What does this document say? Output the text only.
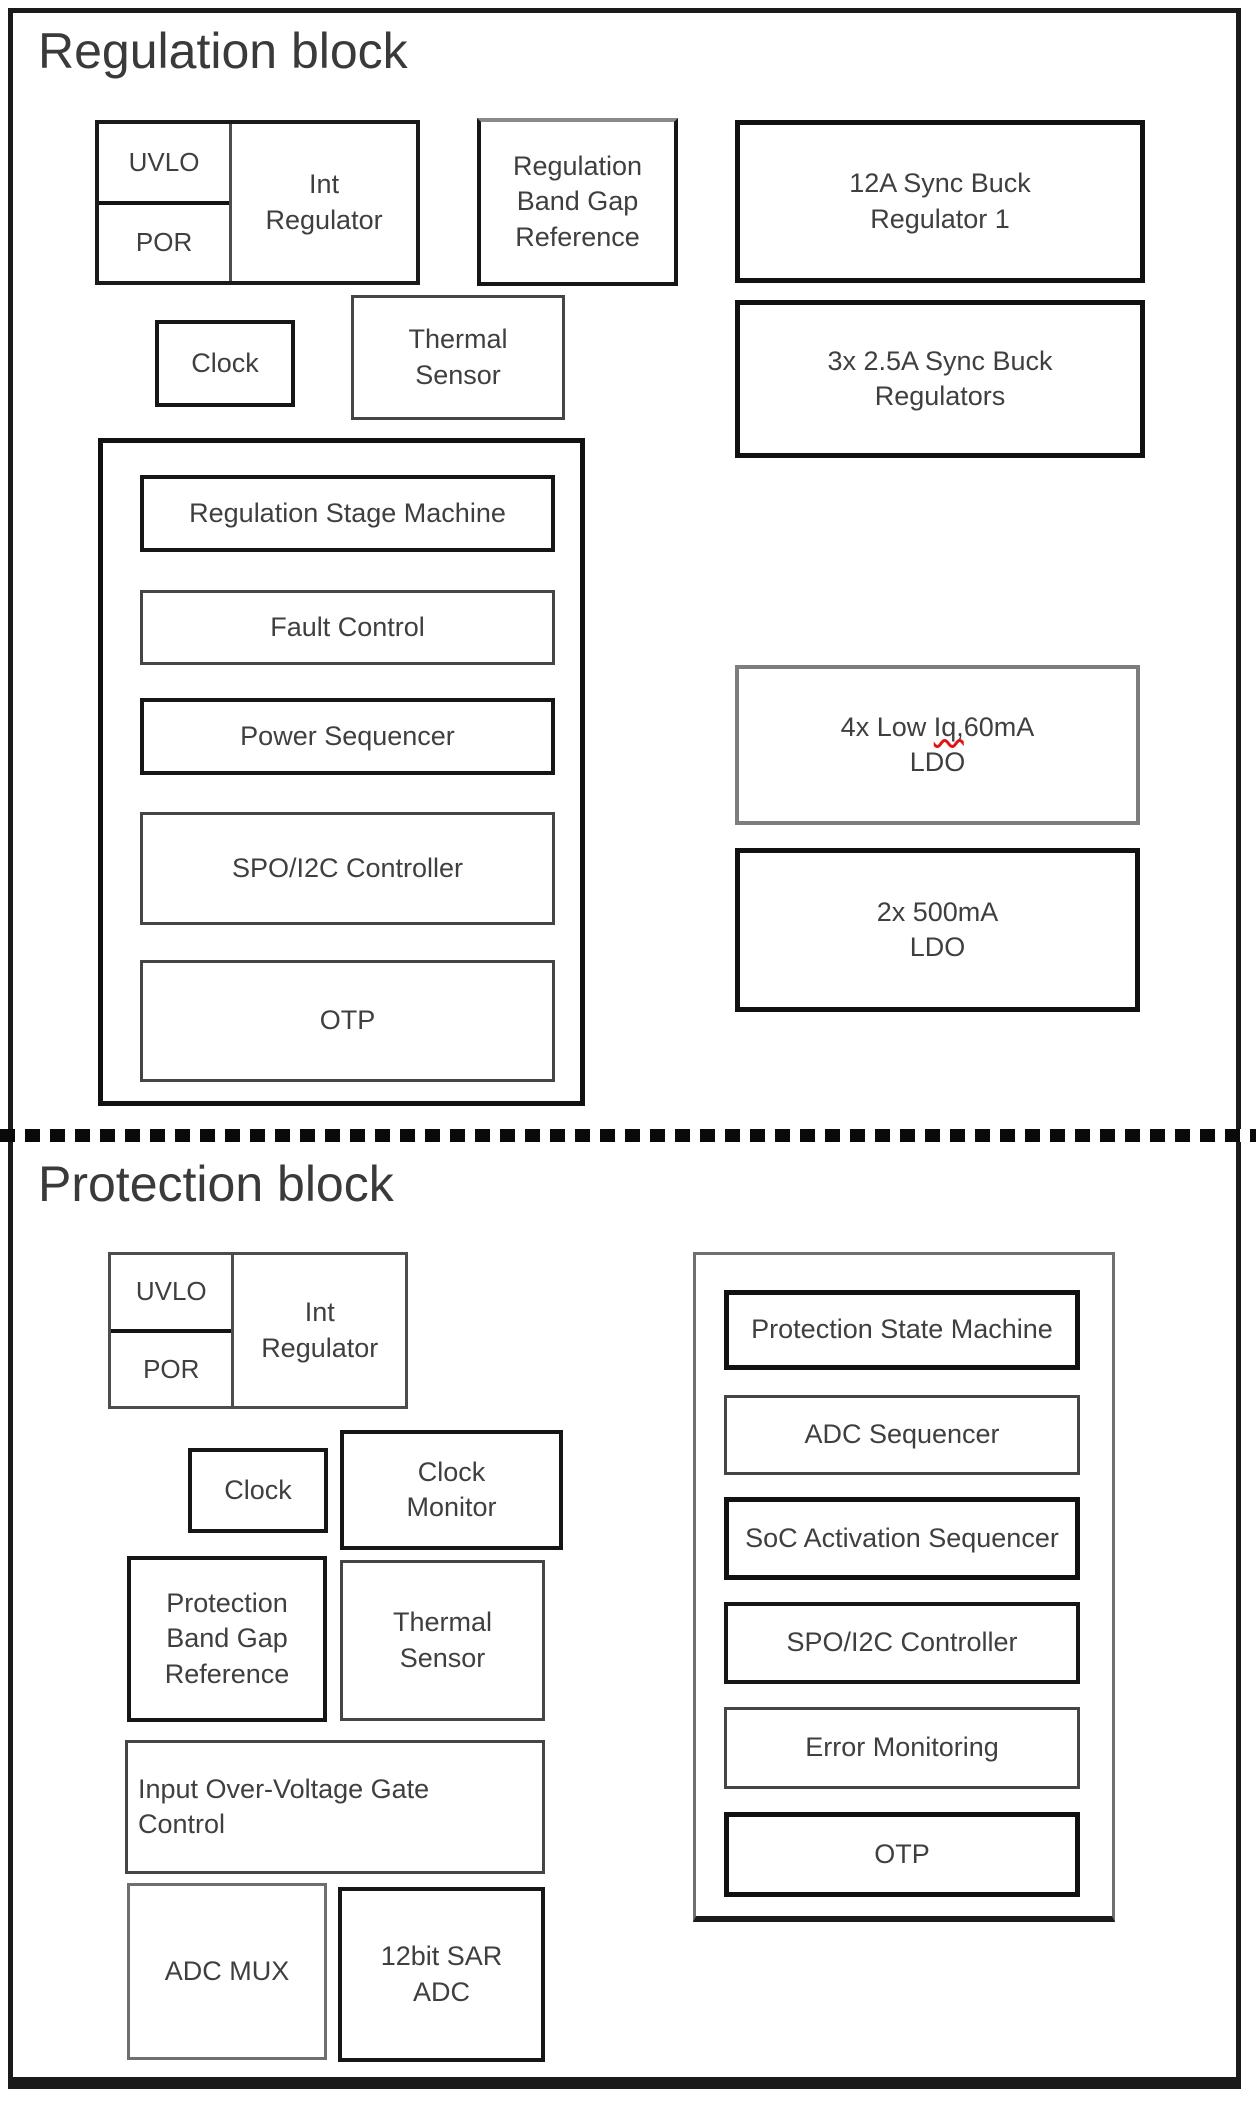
Regulation block
UVLO
POR
Int Regulator
Regulation Band Gap Reference
12A Sync Buck Regulator 1
Clock
Thermal Sensor	3x 2.5A Sync Buck Regulators
Regulation Stage Machine
Fault Control
Power Sequencer
SPO/I2C Controller
OTP
4x Low Iq,60mA
LDO
2x 500mA LDO
Protection block
UVLO
POR
Int Regulator
Clock
Clock Monitor
Protection Band Gap Reference
Thermal Sensor
Input Over-Voltage Gate Control
ADC MUX	12bit SAR ADC
Protection State Machine
ADC Sequencer
SoC Activation Sequencer
SPO/I2C Controller
Error Monitoring
OTP
